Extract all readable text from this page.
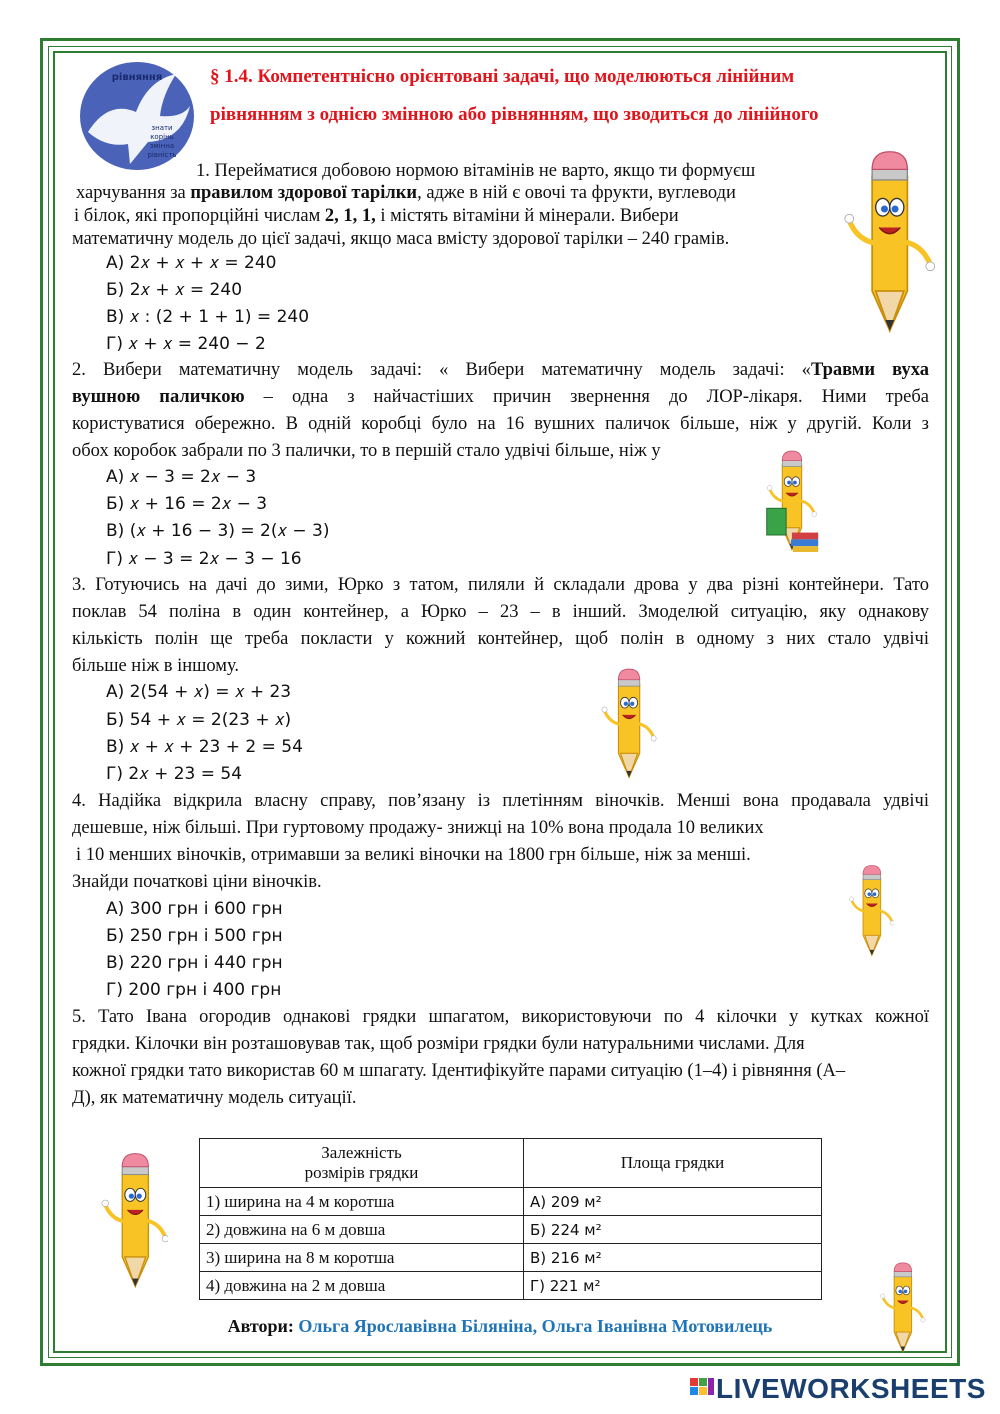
рівняння
знати
корінь
змінна
рівність
§ 1.4. Компетентнісно орієнтовані задачі, що моделюються лінійним
рівнянням з однією змінною або рівнянням, що зводиться до лінійного
1. Перейматися добовою нормою вітамінів не варто, якщо ти формуєш
харчування за правилом здорової тарілки, адже в ній є овочі та фрукти, вуглеводи
і білок, які пропорційні числам 2, 1, 1, і містять вітаміни й мінерали. Вибери
математичну модель до цієї задачі, якщо маса вмісту здорової тарілки – 240 грамів.
А) 2𝑥 + 𝑥 + 𝑥 = 240
Б) 2𝑥 + 𝑥 = 240
В) 𝑥 : (2 + 1 + 1) = 240
Г) 𝑥 + 𝑥 = 240 − 2
2. Вибери математичну модель задачі: « Вибери математичну модель задачі: «Травми вуха
вушною паличкою – одна з найчастіших причин звернення до ЛОР-лікаря. Ними треба
користуватися обережно. В одній коробці було на 16 вушних паличок більше, ніж у другій. Коли з
обох коробок забрали по 3 палички, то в першій стало удвічі більше, ніж у
А) 𝑥 − 3 = 2𝑥 − 3
Б) 𝑥 + 16 = 2𝑥 − 3
В) (𝑥 + 16 − 3) = 2(𝑥 − 3)
Г) 𝑥 − 3 = 2𝑥 − 3 − 16
3. Готуючись на дачі до зими, Юрко з татом, пиляли й складали дрова у два різні контейнери. Тато
поклав 54 поліна в один контейнер, а Юрко – 23 – в інший. Змоделюй ситуацію, яку однакову
кількість полін ще треба покласти у кожний контейнер, щоб полін в одному з них стало удвічі
більше ніж в іншому.
А) 2(54 + 𝑥) = 𝑥 + 23
Б) 54 + 𝑥 = 2(23 + 𝑥)
В) 𝑥 + 𝑥 + 23 + 2 = 54
Г) 2𝑥 + 23 = 54
4. Надійка відкрила власну справу, пов’язану із плетінням віночків. Менші вона продавала удвічі
дешевше, ніж більші. При гуртовому продажу- знижці на 10% вона продала 10 великих
і 10 менших віночків, отримавши за великі віночки на 1800 грн більше, ніж за менші.
Знайди початкові ціни віночків.
А) 300 грн і 600 грн
Б) 250 грн і 500 грн
В) 220 грн і 440 грн
Г) 200 грн і 400 грн
5. Тато Івана огородив однакові грядки шпагатом, використовуючи по 4 кілочки у кутках кожної
грядки. Кілочки він розташовував так, щоб розміри грядки були натуральними числами. Для
кожної грядки тато використав 60 м шпагату. Ідентифікуйте парами ситуацію (1–4) і рівняння (А–
Д), як математичну модель ситуації.
Залежність
розмірів грядки	Площа грядки
1) ширина на 4 м коротша	А) 209 м²
2) довжина на 6 м довша	Б) 224 м²
3) ширина на 8 м коротша	В) 216 м²
4) довжина на 2 м довша	Г) 221 м²
Автори: Ольга Ярославівна Біляніна, Ольга Іванівна Мотовилець
LIVEWORKSHEETS
